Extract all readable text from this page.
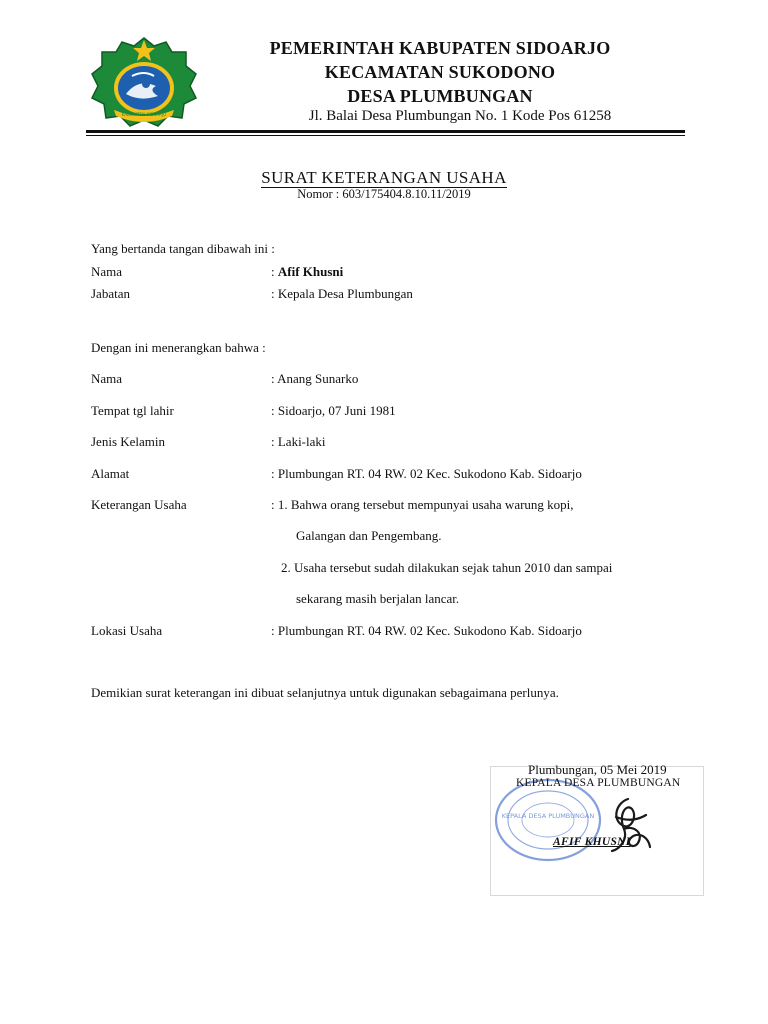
KABUPATEN SIDOARJO
PEMERINTAH KABUPATEN SIDOARJO
KECAMATAN SUKODONO
DESA PLUMBUNGAN
Jl. Balai Desa Plumbungan No. 1 Kode Pos 61258
SURAT KETERANGAN USAHA
Nomor : 603/175404.8.10.11/2019
Yang bertanda tangan dibawah ini :
Nama	: Afif Khusni
Jabatan	: Kepala Desa Plumbungan
Dengan ini menerangkan bahwa :
Nama	: Anang Sunarko
Tempat tgl lahir	: Sidoarjo, 07 Juni 1981
Jenis Kelamin	: Laki-laki
Alamat	: Plumbungan RT. 04 RW. 02 Kec. Sukodono Kab. Sidoarjo
Keterangan Usaha	: 1. Bahwa orang tersebut mempunyai usaha warung kopi,
Galangan dan Pengembang.
2. Usaha tersebut sudah dilakukan sejak tahun 2010 dan sampai
sekarang masih berjalan lancar.
Lokasi Usaha	: Plumbungan RT. 04 RW. 02 Kec. Sukodono Kab. Sidoarjo
Demikian surat keterangan ini dibuat selanjutnya untuk digunakan sebagaimana perlunya.
KEPALA DESA PLUMBUNGAN
Plumbungan, 05 Mei 2019
KEPALA DESA PLUMBUNGAN
AFIF KHUSNI
